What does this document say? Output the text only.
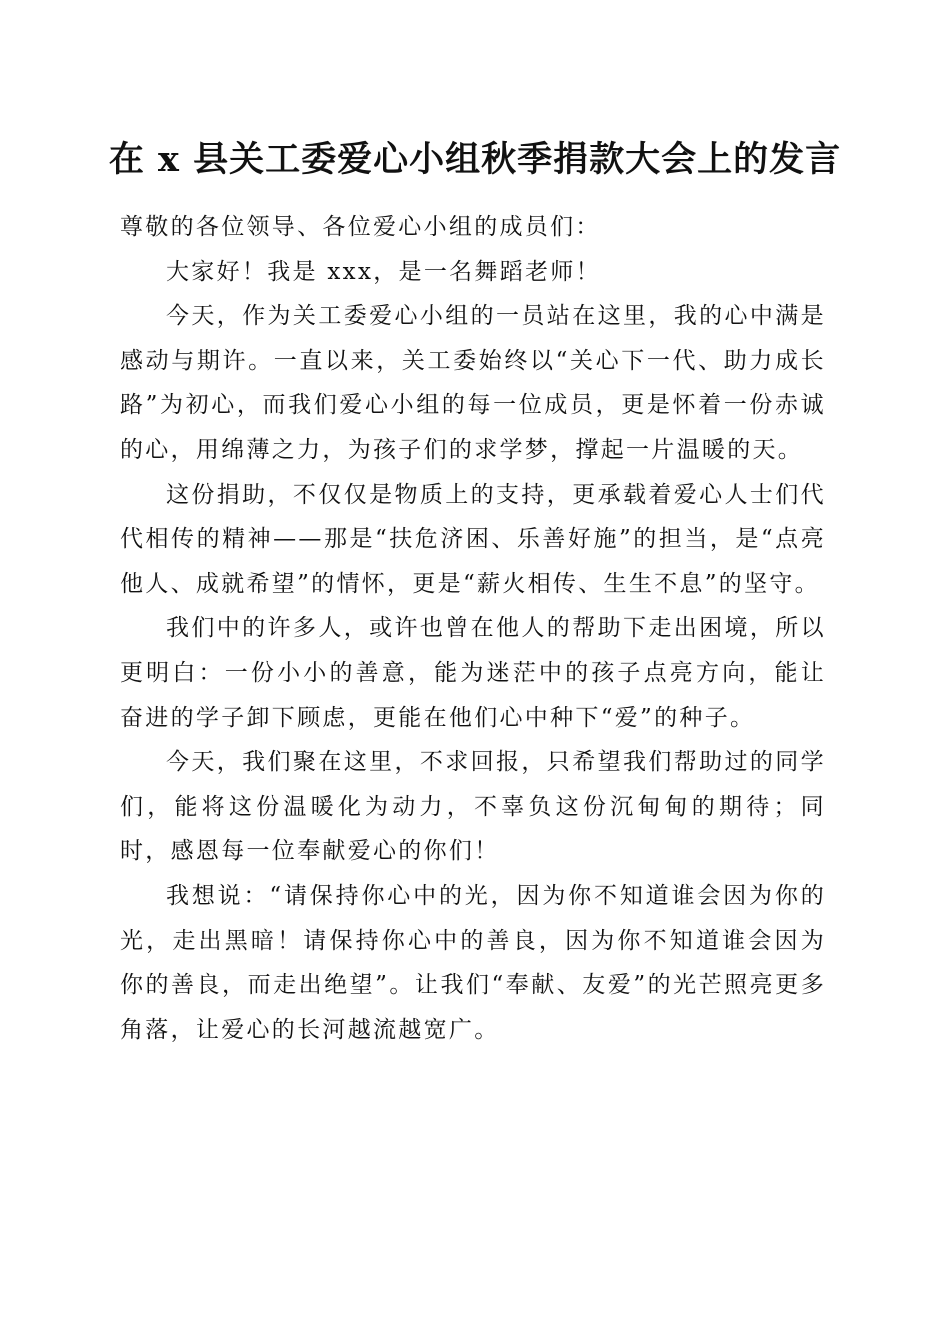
在 x 县关工委爱心小组秋季捐款大会上的发言

尊敬的各位领导、各位爱心小组的成员们：

大家好！我是 xxx，是一名舞蹈老师！

今天，作为关工委爱心小组的一员站在这里，我的心中满是感动与期许。一直以来，关工委始终以“关心下一代、助力成长路”为初心，而我们爱心小组的每一位成员，更是怀着一份赤诚的心，用绵薄之力，为孩子们的求学梦，撑起一片温暖的天。

这份捐助，不仅仅是物质上的支持，更承载着爱心人士们代代相传的精神——那是“扶危济困、乐善好施”的担当，是“点亮他人、成就希望”的情怀，更是“薪火相传、生生不息”的坚守。

我们中的许多人，或许也曾在他人的帮助下走出困境，所以更明白：一份小小的善意，能为迷茫中的孩子点亮方向，能让奋进的学子卸下顾虑，更能在他们心中种下“爱”的种子。

今天，我们聚在这里，不求回报，只希望我们帮助过的同学们，能将这份温暖化为动力，不辜负这份沉甸甸的期待；同时，感恩每一位奉献爱心的你们！

我想说：“请保持你心中的光，因为你不知道谁会因为你的光，走出黑暗！请保持你心中的善良，因为你不知道谁会因为你的善良，而走出绝望”。让我们“奉献、友爱”的光芒照亮更多角落，让爱心的长河越流越宽广。
